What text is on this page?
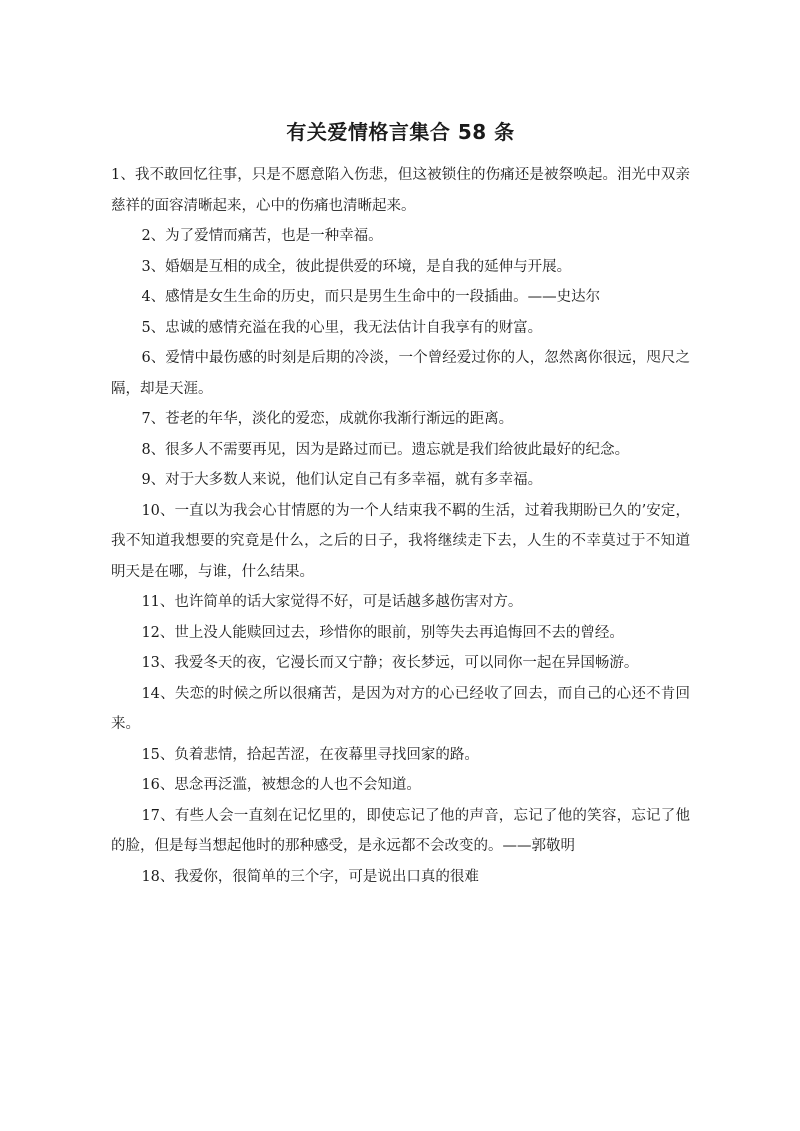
有关爱情格言集合 58 条

1、我不敢回忆往事，只是不愿意陷入伤悲，但这被锁住的伤痛还是被祭唤起。泪光中双亲慈祥的面容清晰起来，心中的伤痛也清晰起来。

2、为了爱情而痛苦，也是一种幸福。

3、婚姻是互相的成全，彼此提供爱的环境，是自我的延伸与开展。

4、感情是女生生命的历史，而只是男生生命中的一段插曲。——史达尔

5、忠诚的感情充溢在我的心里，我无法估计自我享有的财富。

6、爱情中最伤感的时刻是后期的冷淡，一个曾经爱过你的人，忽然离你很远，咫尺之隔，却是天涯。

7、苍老的年华，淡化的爱恋，成就你我渐行渐远的距离。

8、很多人不需要再见，因为是路过而已。遗忘就是我们给彼此最好的纪念。

9、对于大多数人来说，他们认定自己有多幸福，就有多幸福。

10、一直以为我会心甘情愿的为一个人结束我不羁的生活，过着我期盼已久的’安定，我不知道我想要的究竟是什么，之后的日子，我将继续走下去，人生的不幸莫过于不知道明天是在哪，与谁，什么结果。

11、也许简单的话大家觉得不好，可是话越多越伤害对方。

12、世上没人能赎回过去，珍惜你的眼前，别等失去再追悔回不去的曾经。

13、我爱冬天的夜，它漫长而又宁静；夜长梦远，可以同你一起在异国畅游。

14、失恋的时候之所以很痛苦，是因为对方的心已经收了回去，而自己的心还不肯回来。

15、负着悲情，拾起苦涩，在夜幕里寻找回家的路。

16、思念再泛滥，被想念的人也不会知道。

17、有些人会一直刻在记忆里的，即使忘记了他的声音，忘记了他的笑容，忘记了他的脸，但是每当想起他时的那种感受，是永远都不会改变的。——郭敬明

18、我爱你，很简单的三个字，可是说出口真的很难
